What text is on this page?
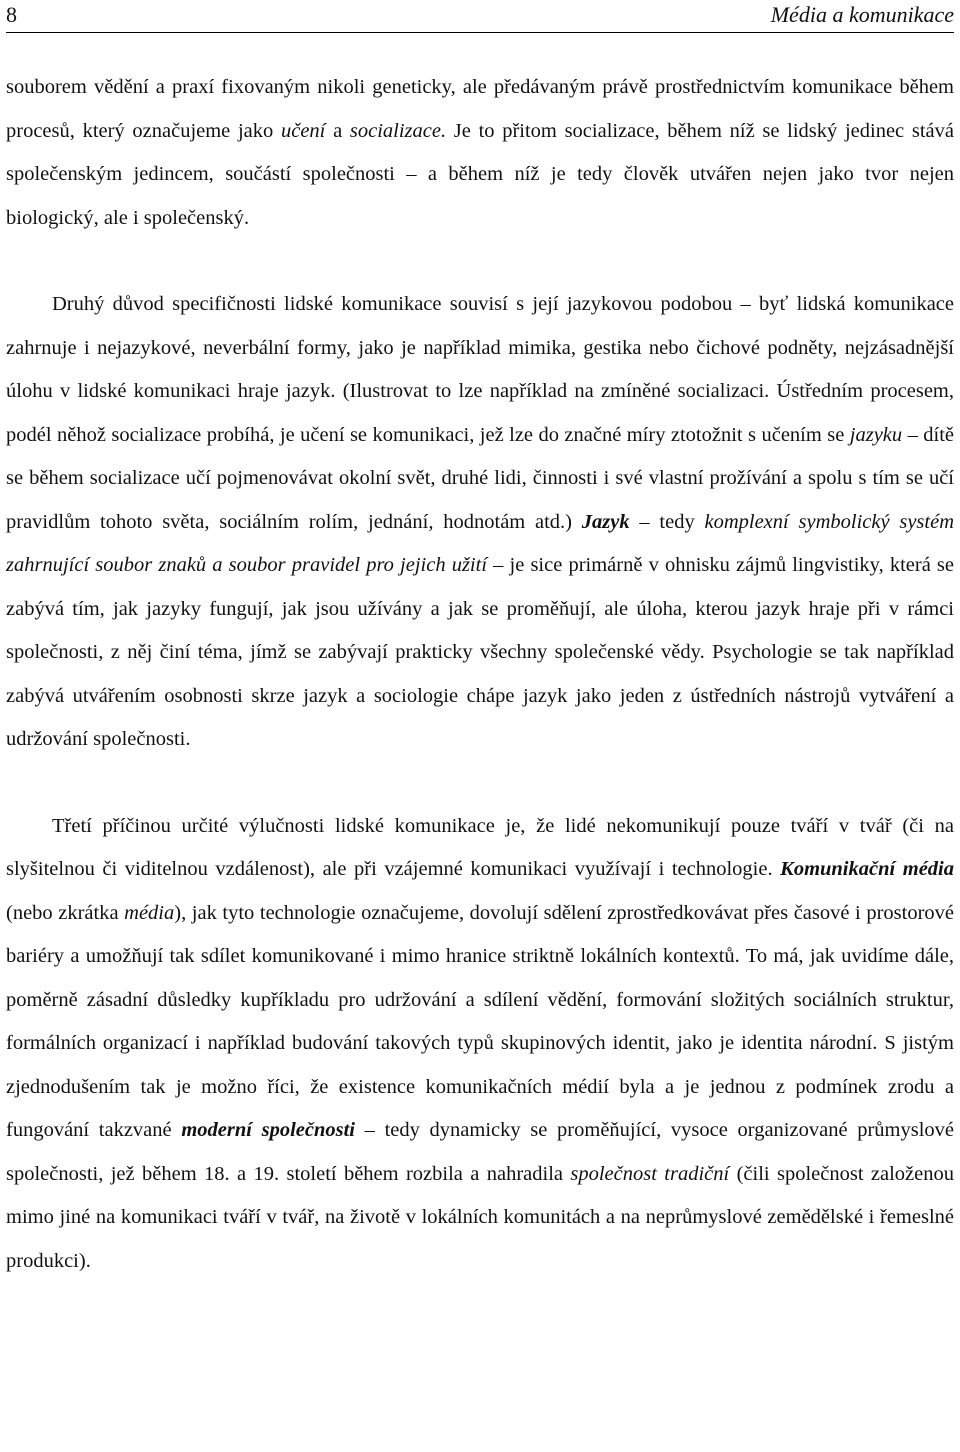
8	Média a komunikace

souborem vědění a praxí fixovaným nikoli geneticky, ale předávaným právě prostřednictvím komunikace během procesů, který označujeme jako učení a socializace. Je to přitom socializace, během níž se lidský jedinec stává společenským jedincem, součástí společnosti – a během níž je tedy člověk utvářen nejen jako tvor nejen biologický, ale i společenský.

Druhý důvod specifičnosti lidské komunikace souvisí s její jazykovou podobou – byť lidská komunikace zahrnuje i nejazykové, neverbální formy, jako je například mimika, gestika nebo čichové podněty, nejzásadnější úlohu v lidské komunikaci hraje jazyk. (Ilustrovat to lze například na zmíněné socializaci. Ústředním procesem, podél něhož socializace probíhá, je učení se komunikaci, jež lze do značné míry ztotožnit s učením se jazyku – dítě se během socializace učí pojmenovávat okolní svět, druhé lidi, činnosti i své vlastní prožívání a spolu s tím se učí pravidlům tohoto světa, sociálním rolím, jednání, hodnotám atd.) Jazyk – tedy komplexní symbolický systém zahrnující soubor znaků a soubor pravidel pro jejich užití – je sice primárně v ohnisku zájmů lingvistiky, která se zabývá tím, jak jazyky fungují, jak jsou užívány a jak se proměňují, ale úloha, kterou jazyk hraje při v rámci společnosti, z něj činí téma, jímž se zabývají prakticky všechny společenské vědy. Psychologie se tak například zabývá utvářením osobnosti skrze jazyk a sociologie chápe jazyk jako jeden z ústředních nástrojů vytváření a udržování společnosti.

Třetí příčinou určité výlučnosti lidské komunikace je, že lidé nekomunikují pouze tváří v tvář (či na slyšitelnou či viditelnou vzdálenost), ale při vzájemné komunikaci využívají i technologie. Komunikační média (nebo zkrátka média), jak tyto technologie označujeme, dovolují sdělení zprostředkovávat přes časové i prostorové bariéry a umožňují tak sdílet komunikované i mimo hranice striktně lokálních kontextů. To má, jak uvidíme dále, poměrně zásadní důsledky kupříkladu pro udržování a sdílení vědění, formování složitých sociálních struktur, formálních organizací i například budování takových typů skupinových identit, jako je identita národní. S jistým zjednodušením tak je možno říci, že existence komunikačních médií byla a je jednou z podmínek zrodu a fungování takzvané moderní společnosti – tedy dynamicky se proměňující, vysoce organizované průmyslové společnosti, jež během 18. a 19. století během rozbila a nahradila společnost tradiční (čili společnost založenou mimo jiné na komunikaci tváří v tvář, na životě v lokálních komunitách a na neprůmyslové zemědělské i řemeslné produkci).
